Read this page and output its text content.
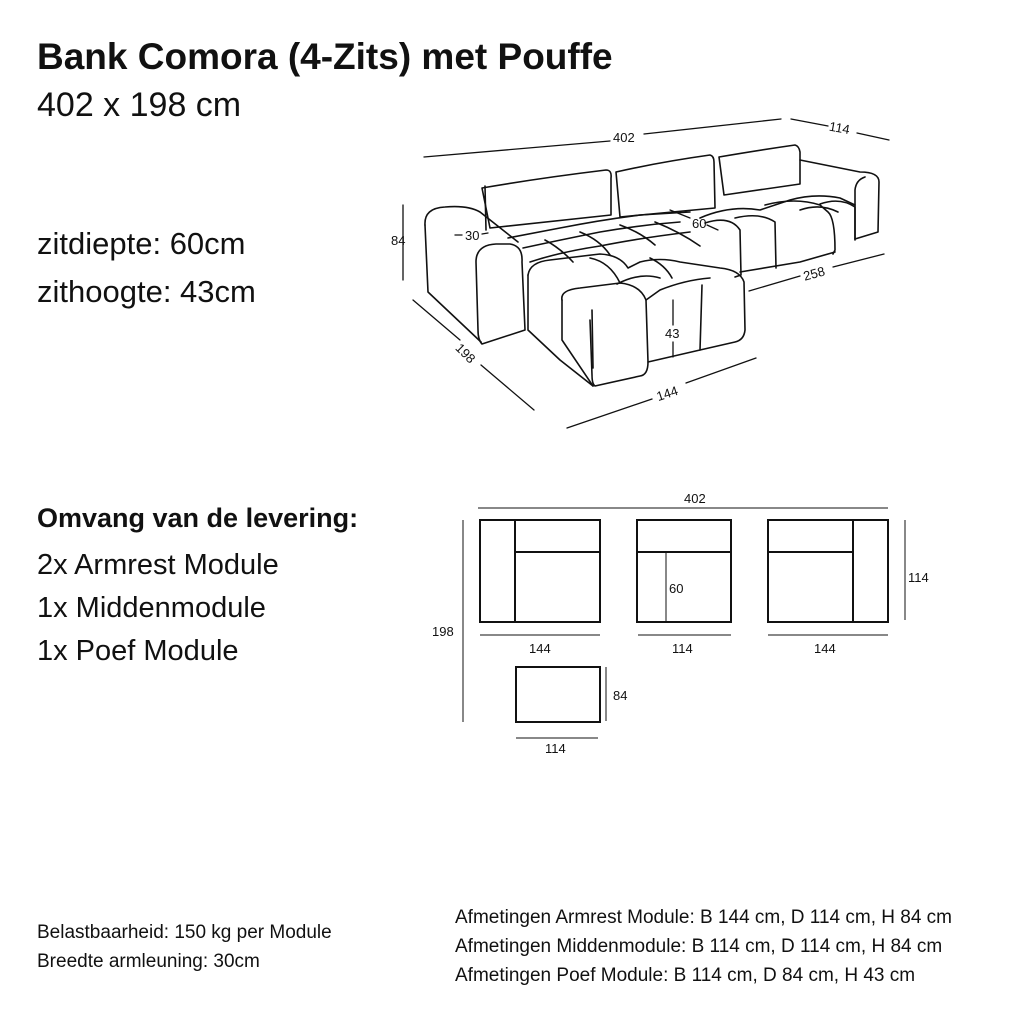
Bank Comora (4-Zits) met Pouffe
402 x 198 cm
zitdiepte: 60cm
zithoogte: 43cm
Omvang van de levering:
2x Armrest Module
1x Middenmodule
1x Poef Module
Belastbaarheid: 150 kg per Module
Breedte armleuning: 30cm
Afmetingen Armrest Module: B 144 cm, D 114 cm, H 84 cm
Afmetingen Middenmodule: B 114 cm, D 114 cm, H 84 cm
Afmetingen Poef Module: B 114 cm, D 84 cm, H 43 cm
402
114
84	30
60
198
144
258
43
402
198
114
60
144	114	144
84
114
